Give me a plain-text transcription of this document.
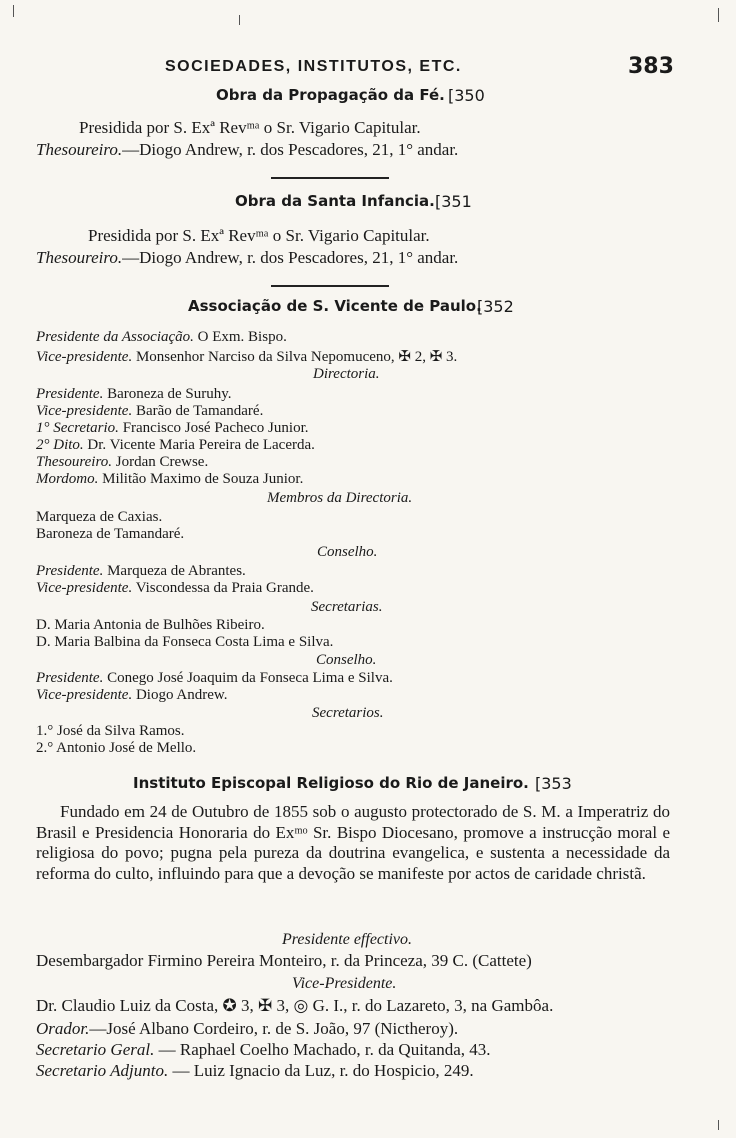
SOCIEDADES, INSTITUTOS, ETC.	383
Obra da Propagação da Fé. [350
Presidida por S. Exª Revᵐᵃ o Sr. Vigario Capitular.
Thesoureiro.—Diogo Andrew, r. dos Pescadores, 21, 1° andar.
Obra da Santa Infancia. [351
Presidida por S. Exª Revᵐᵃ o Sr. Vigario Capitular.
Thesoureiro.—Diogo Andrew, r. dos Pescadores, 21, 1° andar.
Associação de S. Vicente de Paulo.
[352
Presidente da Associação. O Exm. Bispo.
Vice-presidente. Monsenhor Narciso da Silva Nepomuceno, ✠ 2, ✠ 3.
Directoria.
Presidente. Baroneza de Suruhy.
Vice-presidente. Barão de Tamandaré.
1° Secretario. Francisco José Pacheco Junior.
2° Dito. Dr. Vicente Maria Pereira de Lacerda.
Thesoureiro. Jordan Crewse.
Mordomo. Militão Maximo de Souza Junior.
Membros da Directoria.
Marqueza de Caxias.
Baroneza de Tamandaré.
Conselho.
Presidente. Marqueza de Abrantes.
Vice-presidente. Viscondessa da Praia Grande.
Secretarias.
D. Maria Antonia de Bulhões Ribeiro.
D. Maria Balbina da Fonseca Costa Lima e Silva.
Conselho.
Presidente. Conego José Joaquim da Fonseca Lima e Silva.
Vice-presidente. Diogo Andrew.
Secretarios.
1.° José da Silva Ramos.
2.° Antonio José de Mello.
Instituto Episcopal Religioso do Rio de Janeiro. [353
Fundado em 24 de Outubro de 1855 sob o augusto protectorado de S. M. a Imperatriz do Brasil e Presidencia Honoraria do Exᵐᵒ Sr. Bispo Diocesano, promove a instrucção moral e religiosa do povo; pugna pela pureza da doutrina evangelica, e sustenta a necessidade da reforma do culto, influindo para que a devoção se manifeste por actos de caridade christã.
Presidente effectivo.
Desembargador Firmino Pereira Monteiro, r. da Princeza, 39 C. (Cattete)
Vice-Presidente.
Dr. Claudio Luiz da Costa, ✪ 3, ✠ 3, ◎ G. I., r. do Lazareto, 3, na Gambôa.
Orador.—José Albano Cordeiro, r. de S. João, 97 (Nictheroy).
Secretario Geral. — Raphael Coelho Machado, r. da Quitanda, 43.
Secretario Adjunto. — Luiz Ignacio da Luz, r. do Hospicio, 249.
